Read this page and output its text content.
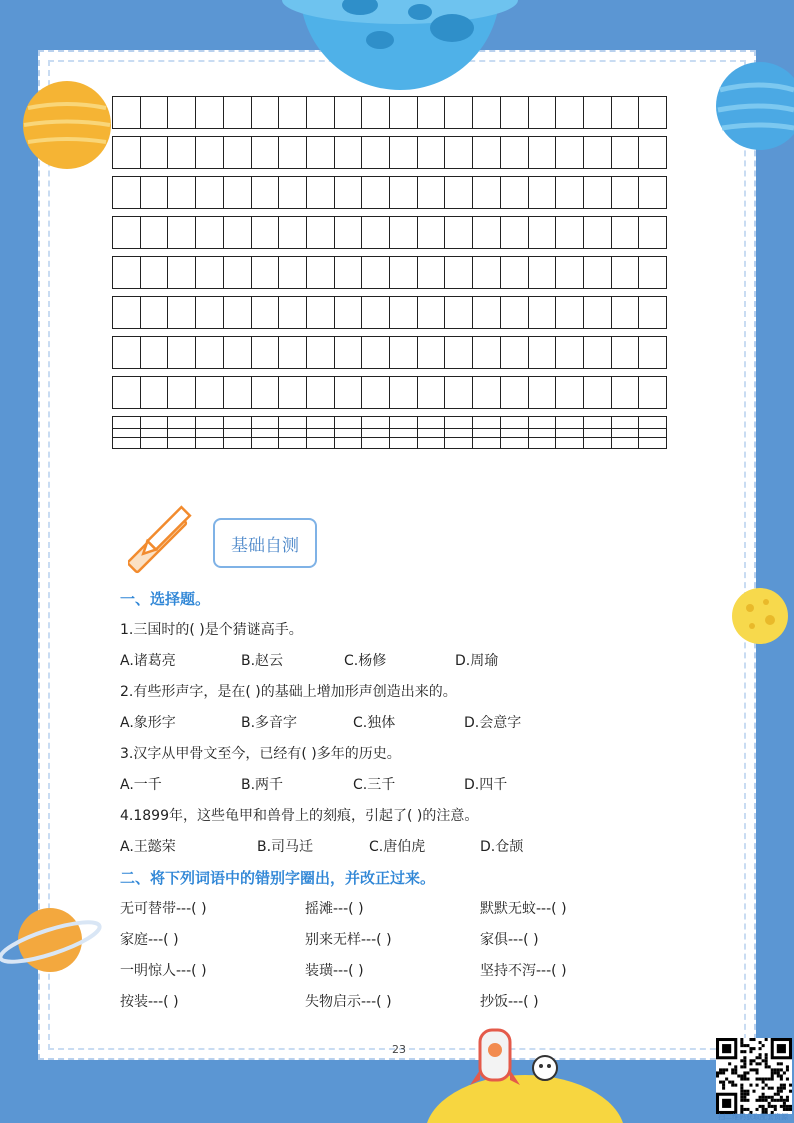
基础自测
一、选择题。
1.三国时的( )是个猜谜高手。
A.诸葛亮	B.赵云	C.杨修	D.周瑜
2.有些形声字，是在( )的基础上增加形声创造出来的。
A.象形字	B.多音字	C.独体	D.会意字
3.汉字从甲骨文至今，已经有( )多年的历史。
A.一千	B.两千	C.三千	D.四千
4.1899年，这些龟甲和兽骨上的刻痕，引起了( )的注意。
A.王懿荣	B.司马迁	C.唐伯虎	D.仓颉
二、将下列词语中的错别字圈出，并改正过来。
无可替带---( )	摇滩---( )	默默无蚊---( )
家庭---( )	别来无样---( )	家俱---( )
一明惊人---( )	装璜---( )	坚持不泻---( )
按装---( )	失物启示---( )	抄饭---( )
23
扫二维码获取配套资源
